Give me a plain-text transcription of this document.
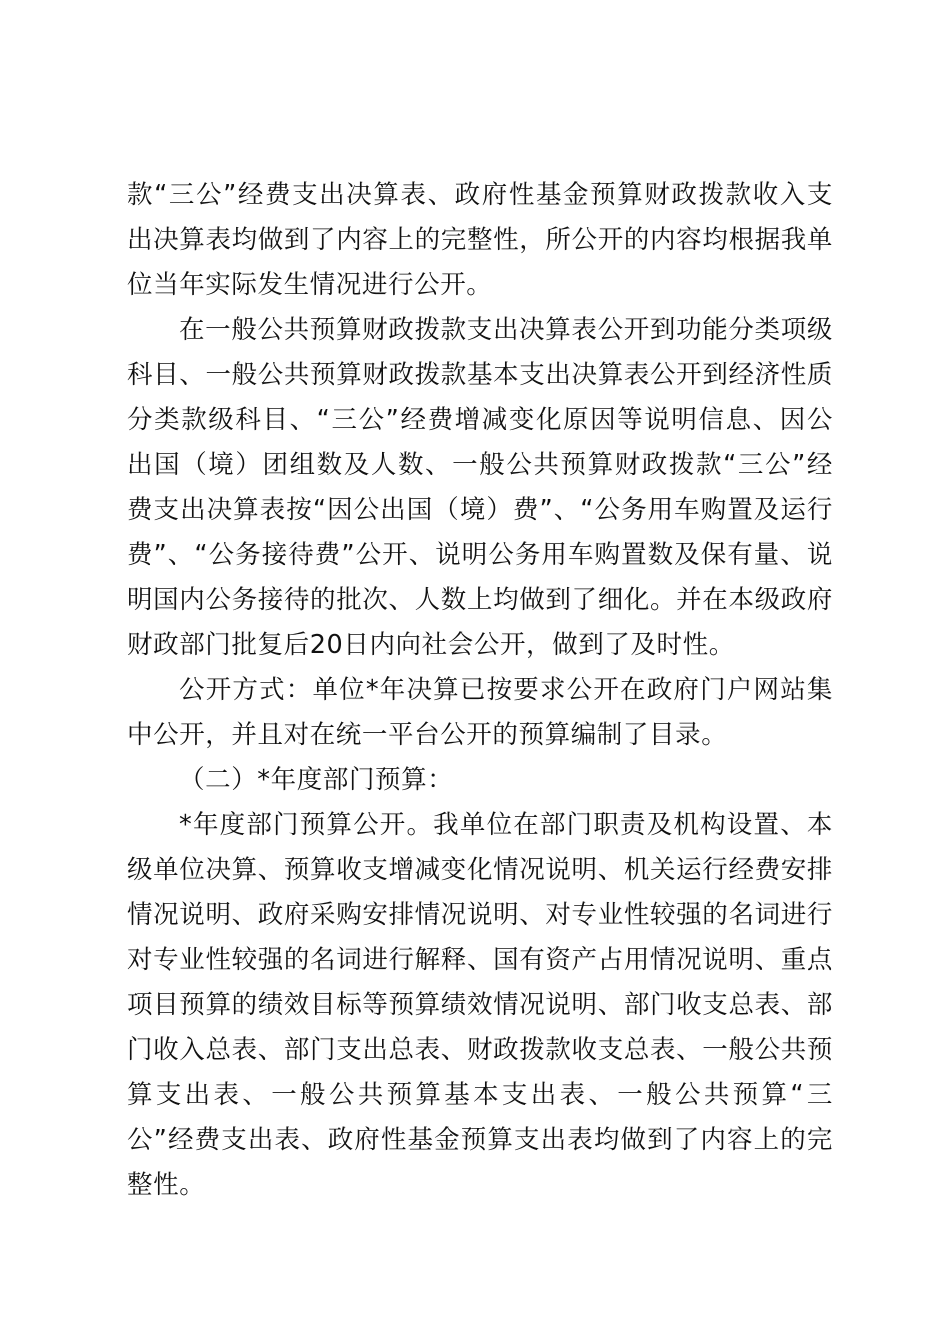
款“三公”经费支出决算表、政府性基金预算财政拨款收入支出决算表均做到了内容上的完整性，所公开的内容均根据我单位当年实际发生情况进行公开。

在一般公共预算财政拨款支出决算表公开到功能分类项级科目、一般公共预算财政拨款基本支出决算表公开到经济性质分类款级科目、“三公”经费增减变化原因等说明信息、因公出国（境）团组数及人数、一般公共预算财政拨款“三公”经费支出决算表按“因公出国（境）费”、“公务用车购置及运行费”、“公务接待费”公开、说明公务用车购置数及保有量、说明国内公务接待的批次、人数上均做到了细化。并在本级政府财政部门批复后20日内向社会公开，做到了及时性。

公开方式：单位*年决算已按要求公开在政府门户网站集中公开，并且对在统一平台公开的预算编制了目录。

（二）*年度部门预算：

*年度部门预算公开。我单位在部门职责及机构设置、本级单位决算、预算收支增减变化情况说明、机关运行经费安排情况说明、政府采购安排情况说明、对专业性较强的名词进行对专业性较强的名词进行解释、国有资产占用情况说明、重点项目预算的绩效目标等预算绩效情况说明、部门收支总表、部门收入总表、部门支出总表、财政拨款收支总表、一般公共预算支出表、一般公共预算基本支出表、一般公共预算“三公”经费支出表、政府性基金预算支出表均做到了内容上的完整性。
